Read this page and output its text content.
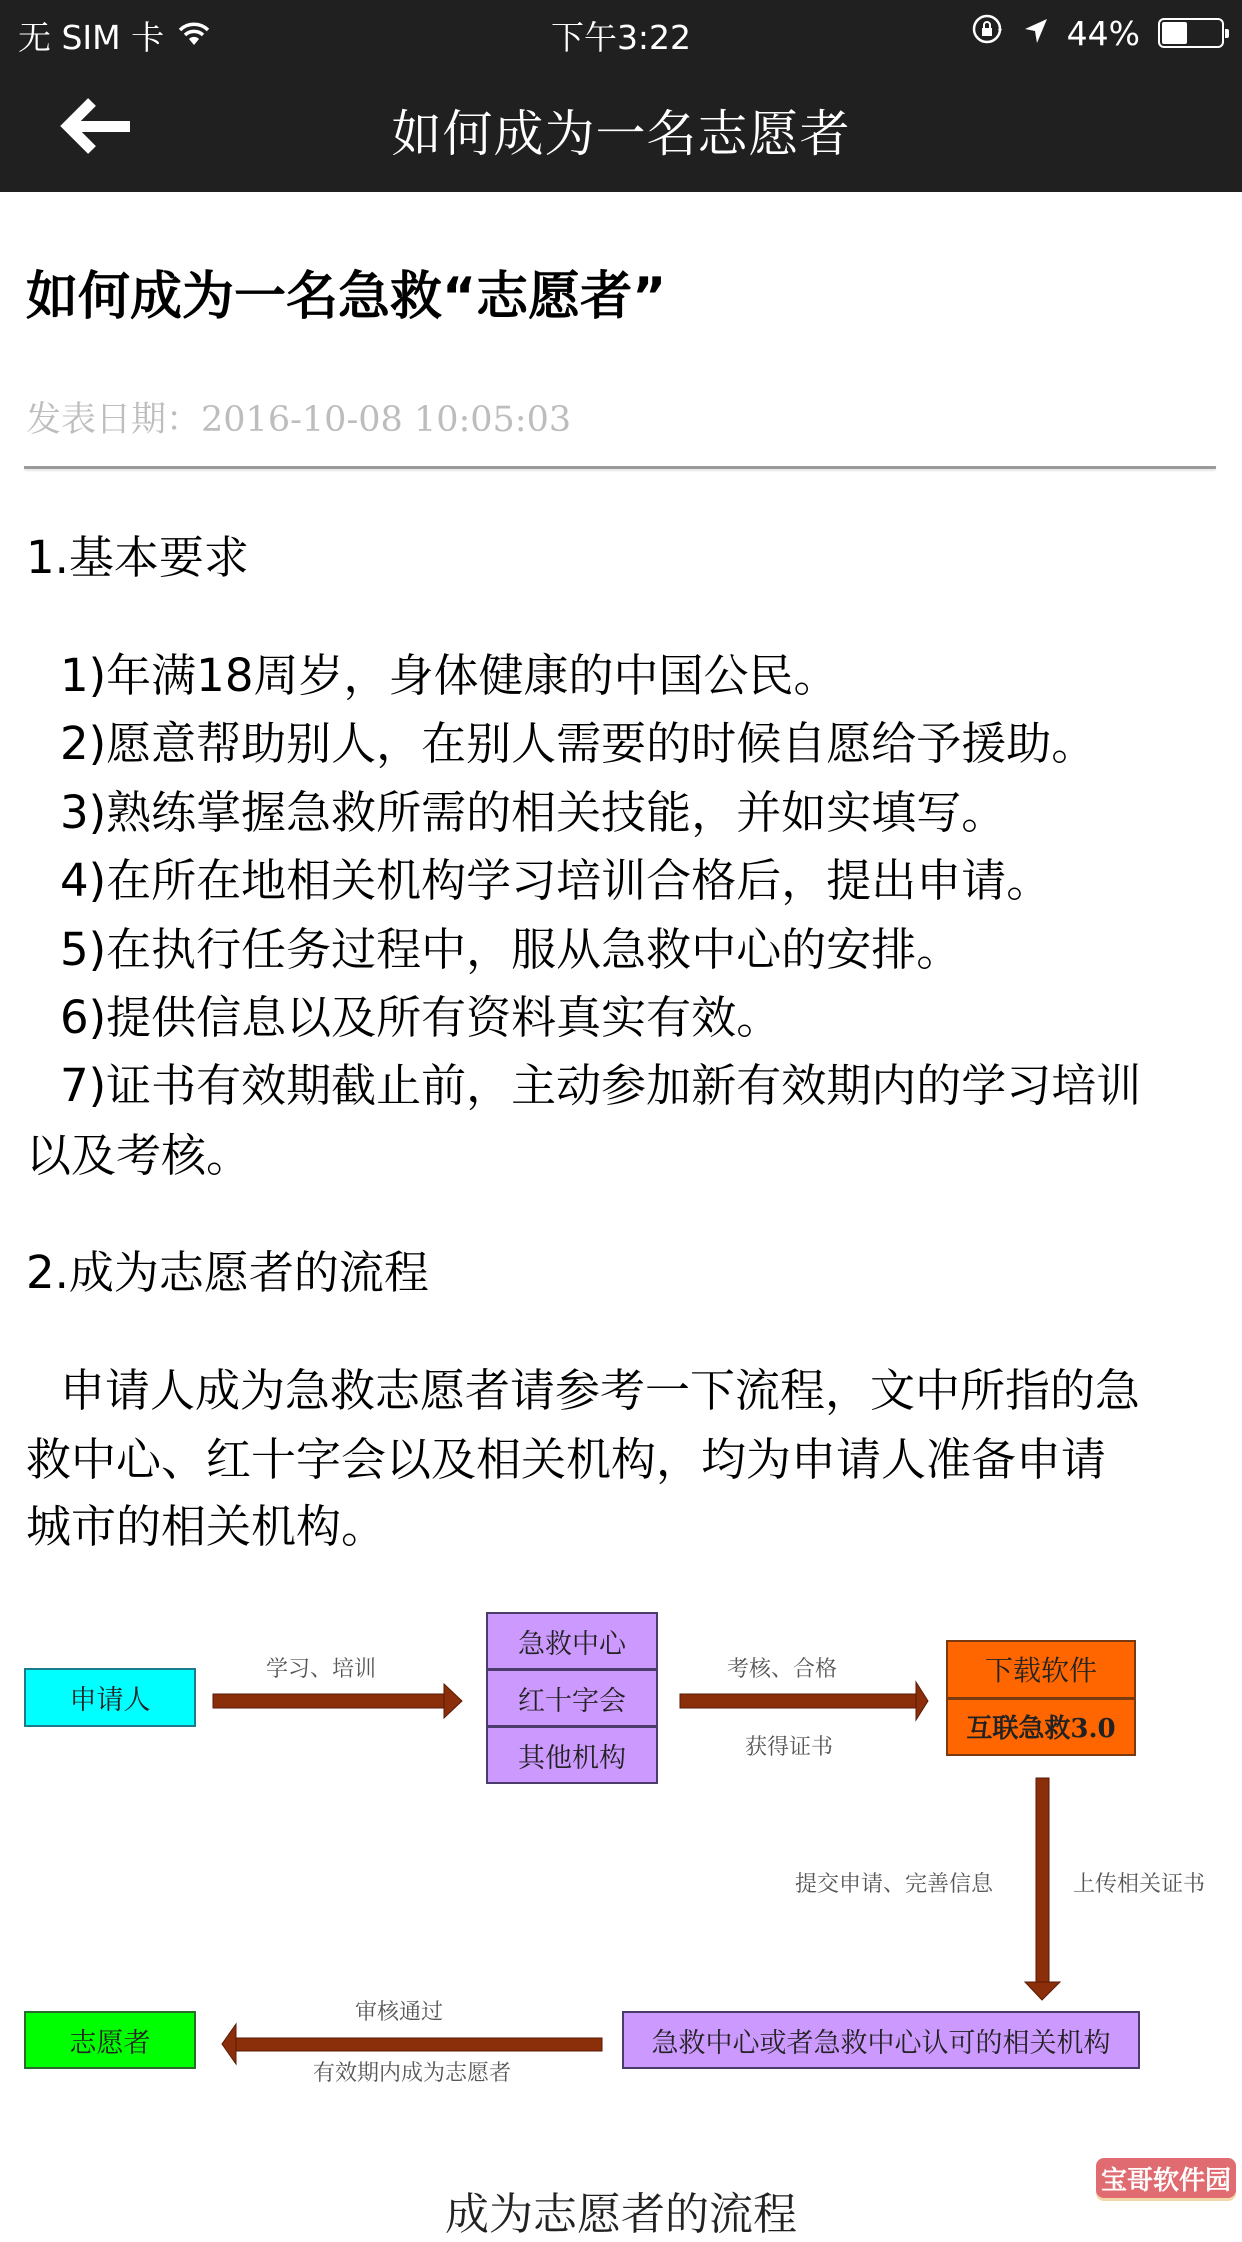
无 SIM 卡	下午3:22	44%
如何成为一名志愿者
如何成为一名急救“志愿者”
发表日期：2016-10-08 10:05:03
1.基本要求
1)年满18周岁，身体健康的中国公民。
2)愿意帮助别人，在别人需要的时候自愿给予援助。
3)熟练掌握急救所需的相关技能，并如实填写。
4)在所在地相关机构学习培训合格后，提出申请。
5)在执行任务过程中，服从急救中心的安排。
6)提供信息以及所有资料真实有效。
7)证书有效期截止前，主动参加新有效期内的学习培训
以及考核。
2.成为志愿者的流程
申请人成为急救志愿者请参考一下流程，文中所指的急
救中心、红十字会以及相关机构，均为申请人准备申请
城市的相关机构。
申请人
学习、培训
急救中心
红十字会
其他机构
考核、合格
获得证书
下载软件
互联急救3.0
提交申请、完善信息	上传相关证书
急救中心或者急救中心认可的相关机构
审核通过
有效期内成为志愿者
志愿者
成为志愿者的流程
宝哥软件园
